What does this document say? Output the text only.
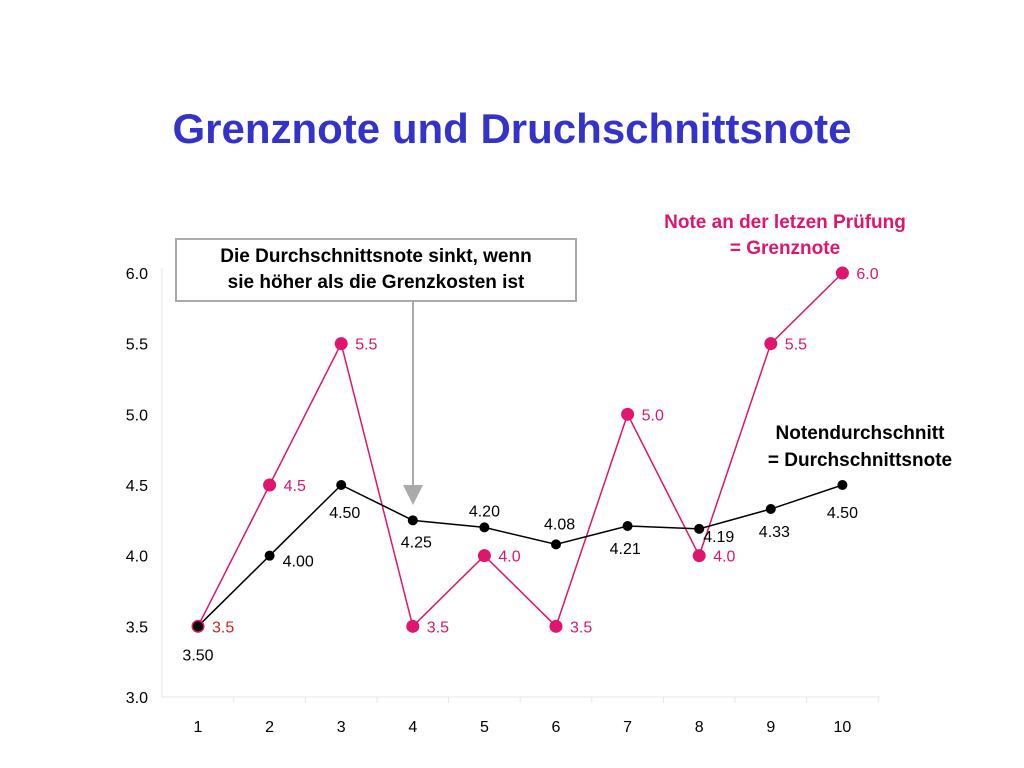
Grenznote und Druchschnittsnote
3.0
3.5
4.0
4.5
5.0
5.5
6.0
1	2	3	4	5	6	7	8	9	10
3.5
4.5
5.5
3.5
4.0
3.5
5.0
4.0
5.5
6.0
3.50
4.00
4.50
4.25
4.20
4.08
4.21
4.19 4.33
4.50
Die Durchschnittsnote sinkt, wenn
sie höher als die Grenzkosten ist
Note an der letzen Prüfung
= Grenznote
Notendurchschnitt
= Durchschnittsnote
